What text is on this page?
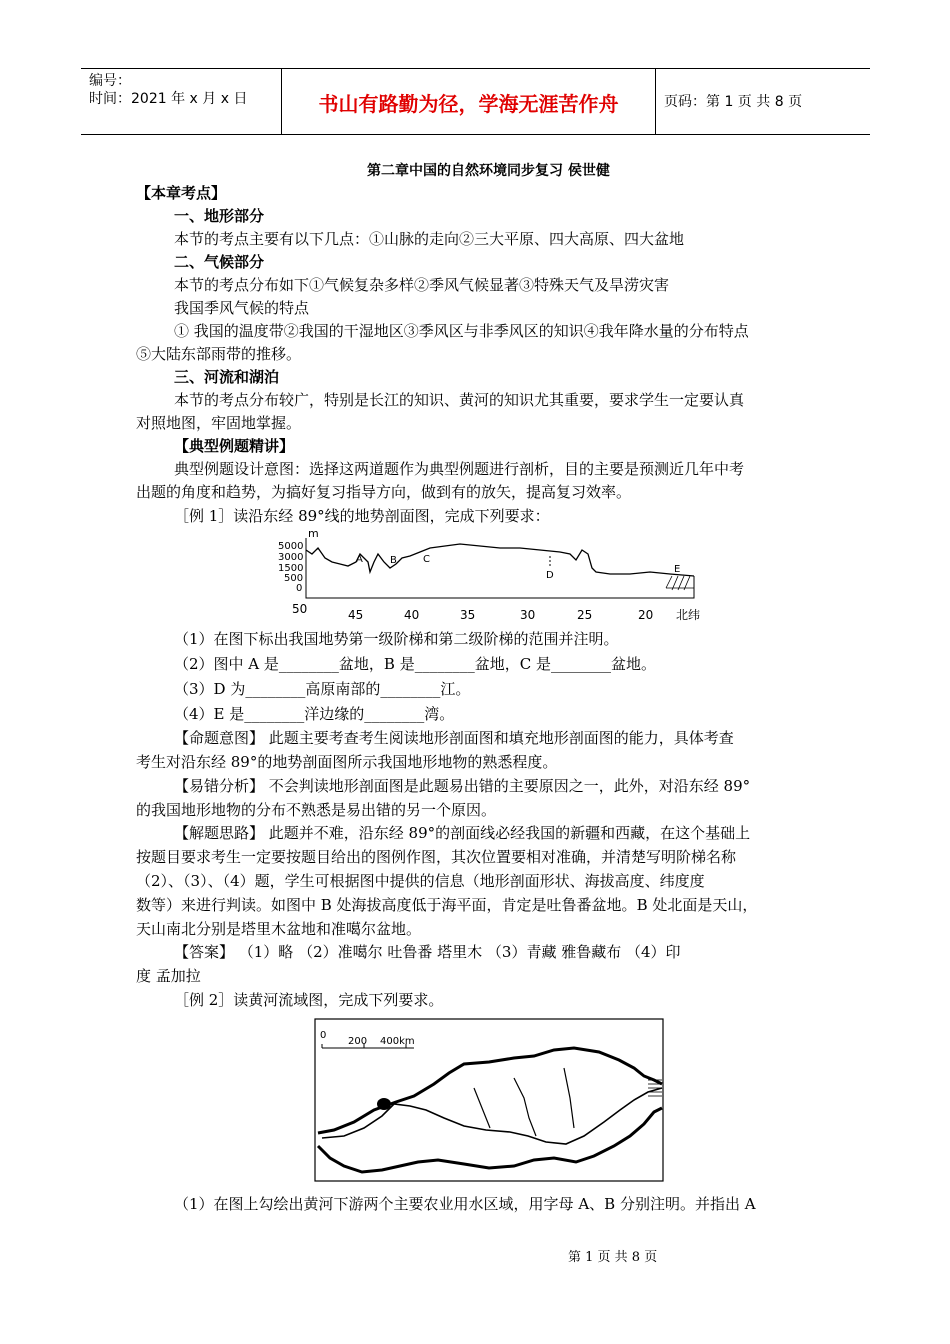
编号：
时间：2021 年 x 月 x 日	书山有路勤为径，学海无涯苦作舟	页码：第 1 页 共 8 页
第二章中国的自然环境同步复习 侯世健
【本章考点】
一、地形部分
本节的考点主要有以下几点：①山脉的走向②三大平原、四大高原、四大盆地
二、气候部分
本节的考点分布如下①气候复杂多样②季风气候显著③特殊天气及旱涝灾害
我国季风气候的特点
① 我国的温度带②我国的干湿地区③季风区与非季风区的知识④我年降水量的分布特点
⑤大陆东部雨带的推移。
三、河流和湖泊
本节的考点分布较广，特别是长江的知识、黄河的知识尤其重要，要求学生一定要认真
对照地图，牢固地掌握。
【典型例题精讲】
典型例题设计意图：选择这两道题作为典型例题进行剖析，目的主要是预测近几年中考
出题的角度和趋势，为搞好复习指导方向，做到有的放矢，提高复习效率。
［例 1］读沿东经 89°线的地势剖面图，完成下列要求：
m
5000
3000
1500
500
0
A	B	C
D
E
50	45	40	35	30	25	20 北纬
（1）在图下标出我国地势第一级阶梯和第二级阶梯的范围并注明。
（2）图中 A 是________盆地，B 是________盆地，C 是________盆地。
（3）D 为________高原南部的________江。
（4）E 是________洋边缘的________湾。
【命题意图】 此题主要考查考生阅读地形剖面图和填充地形剖面图的能力，具体考查
考生对沿东经 89°的地势剖面图所示我国地形地物的熟悉程度。
【易错分析】 不会判读地形剖面图是此题易出错的主要原因之一，此外，对沿东经 89°
的我国地形地物的分布不熟悉是易出错的另一个原因。
【解题思路】 此题并不难，沿东经 89°的剖面线必经我国的新疆和西藏，在这个基础上
按题目要求考生一定要按题目给出的图例作图，其次位置要相对准确，并清楚写明阶梯名称
（2）、（3）、（4）题，学生可根据图中提供的信息（地形剖面形状、海拔高度、纬度度
数等）来进行判读。如图中 B 处海拔高度低于海平面，肯定是吐鲁番盆地。B 处北面是天山，
天山南北分别是塔里木盆地和准噶尔盆地。
【答案】 （1）略 （2）准噶尔 吐鲁番 塔里木 （3）青藏 雅鲁藏布 （4）印
度 孟加拉
［例 2］读黄河流域图，完成下列要求。
0
200 400km
（1）在图上勾绘出黄河下游两个主要农业用水区域，用字母 A、B 分别注明。并指出 A
第 1 页 共 8 页
